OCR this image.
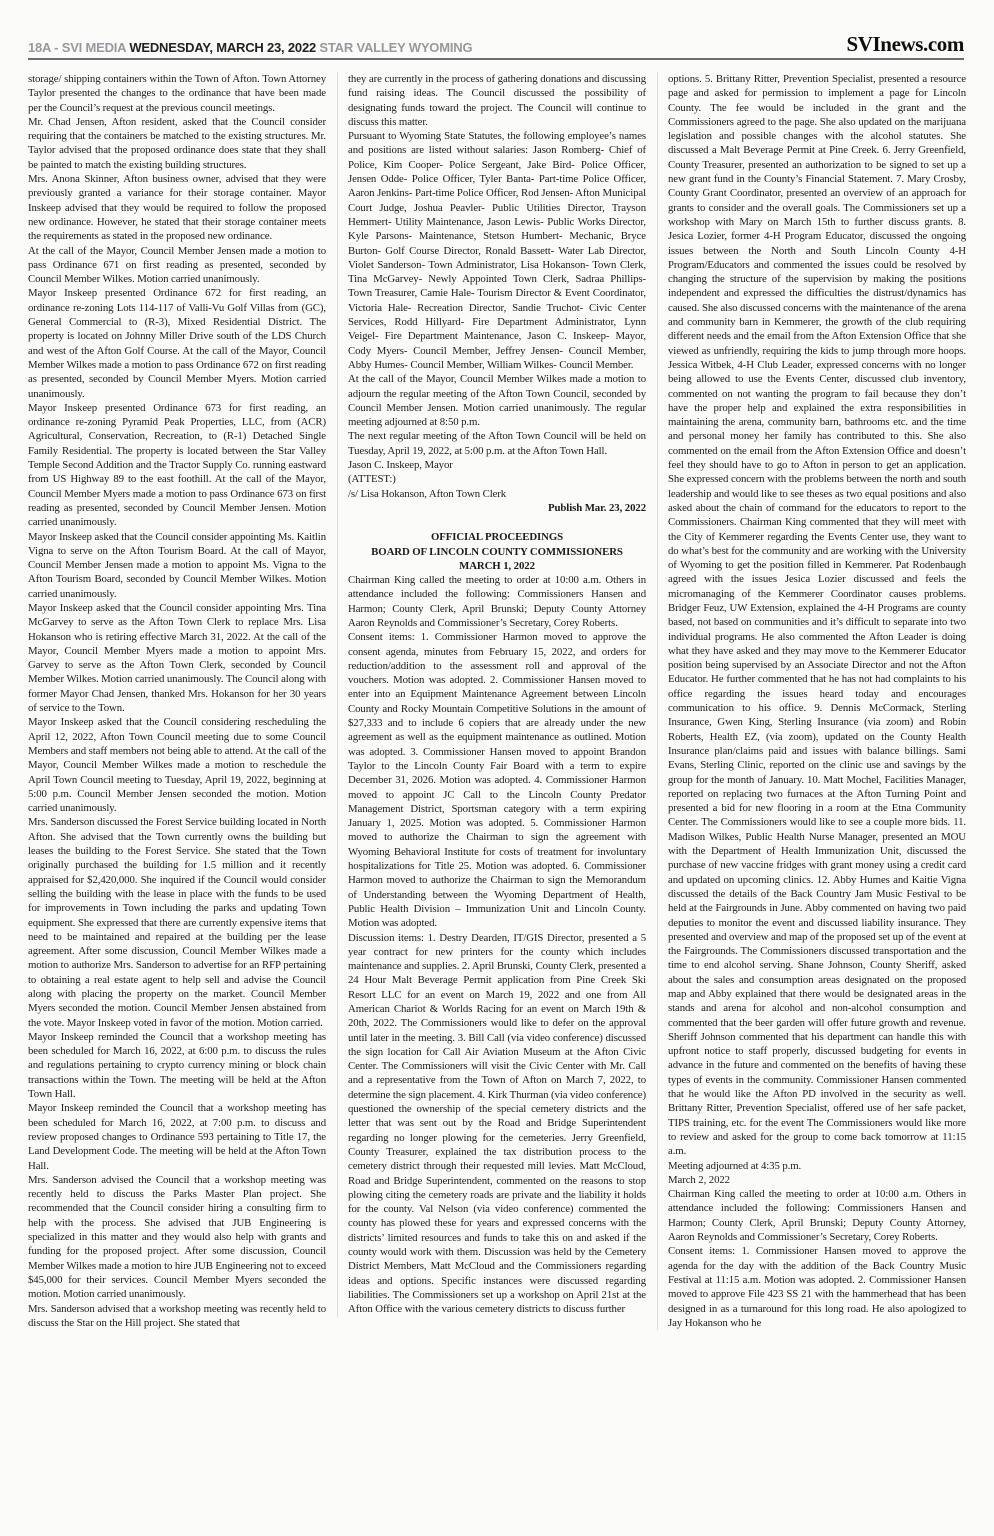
18A - SVI MEDIA WEDNESDAY, MARCH 23, 2022 STAR VALLEY WYOMING	SVInews.com

storage/ shipping containers within the Town of Afton. Town Attorney Taylor presented the changes to the ordinance that have been made per the Council’s request at the previous council meetings.

Mr. Chad Jensen, Afton resident, asked that the Council consider requiring that the containers be matched to the existing structures. Mr. Taylor advised that the proposed ordinance does state that they shall be painted to match the existing building structures.

Mrs. Anona Skinner, Afton business owner, advised that they were previously granted a variance for their storage container. Mayor Inskeep advised that they would be required to follow the proposed new ordinance. However, he stated that their storage container meets the requirements as stated in the proposed new ordinance.

At the call of the Mayor, Council Member Jensen made a motion to pass Ordinance 671 on first reading as presented, seconded by Council Member Wilkes. Motion carried unanimously.

Mayor Inskeep presented Ordinance 672 for first reading, an ordinance re-zoning Lots 114-117 of Valli-Vu Golf Villas from (GC), General Commercial to (R-3), Mixed Residential District. The property is located on Johnny Miller Drive south of the LDS Church and west of the Afton Golf Course. At the call of the Mayor, Council Member Wilkes made a motion to pass Ordinance 672 on first reading as presented, seconded by Council Member Myers. Motion carried unanimously.

Mayor Inskeep presented Ordinance 673 for first reading, an ordinance re-zoning Pyramid Peak Properties, LLC, from (ACR) Agricultural, Conservation, Recreation, to (R-1) Detached Single Family Residential. The property is located between the Star Valley Temple Second Addition and the Tractor Supply Co. running eastward from US Highway 89 to the east foothill. At the call of the Mayor, Council Member Myers made a motion to pass Ordinance 673 on first reading as presented, seconded by Council Member Jensen. Motion carried unanimously.

Mayor Inskeep asked that the Council consider appointing Ms. Kaitlin Vigna to serve on the Afton Tourism Board. At the call of Mayor, Council Member Jensen made a motion to appoint Ms. Vigna to the Afton Tourism Board, seconded by Council Member Wilkes. Motion carried unanimously.

Mayor Inskeep asked that the Council consider appointing Mrs. Tina McGarvey to serve as the Afton Town Clerk to replace Mrs. Lisa Hokanson who is retiring effective March 31, 2022. At the call of the Mayor, Council Member Myers made a motion to appoint Mrs. Garvey to serve as the Afton Town Clerk, seconded by Council Member Wilkes. Motion carried unanimously. The Council along with former Mayor Chad Jensen, thanked Mrs. Hokanson for her 30 years of service to the Town.

Mayor Inskeep asked that the Council considering rescheduling the April 12, 2022, Afton Town Council meeting due to some Council Members and staff members not being able to attend. At the call of the Mayor, Council Member Wilkes made a motion to reschedule the April Town Council meeting to Tuesday, April 19, 2022, beginning at 5:00 p.m. Council Member Jensen seconded the motion. Motion carried unanimously.

Mrs. Sanderson discussed the Forest Service building located in North Afton. She advised that the Town currently owns the building but leases the building to the Forest Service. She stated that the Town originally purchased the building for 1.5 million and it recently appraised for $2,420,000. She inquired if the Council would consider selling the building with the lease in place with the funds to be used for improvements in Town including the parks and updating Town equipment. She expressed that there are currently expensive items that need to be maintained and repaired at the building per the lease agreement. After some discussion, Council Member Wilkes made a motion to authorize Mrs. Sanderson to advertise for an RFP pertaining to obtaining a real estate agent to help sell and advise the Council along with placing the property on the market. Council Member Myers seconded the motion. Council Member Jensen abstained from the vote. Mayor Inskeep voted in favor of the motion. Motion carried.

Mayor Inskeep reminded the Council that a workshop meeting has been scheduled for March 16, 2022, at 6:00 p.m. to discuss the rules and regulations pertaining to crypto currency mining or block chain transactions within the Town. The meeting will be held at the Afton Town Hall.

Mayor Inskeep reminded the Council that a workshop meeting has been scheduled for March 16, 2022, at 7:00 p.m. to discuss and review proposed changes to Ordinance 593 pertaining to Title 17, the Land Development Code. The meeting will be held at the Afton Town Hall.

Mrs. Sanderson advised the Council that a workshop meeting was recently held to discuss the Parks Master Plan project. She recommended that the Council consider hiring a consulting firm to help with the process. She advised that JUB Engineering is specialized in this matter and they would also help with grants and funding for the proposed project. After some discussion, Council Member Wilkes made a motion to hire JUB Engineering not to exceed $45,000 for their services. Council Member Myers seconded the motion. Motion carried unanimously.

Mrs. Sanderson advised that a workshop meeting was recently held to discuss the Star on the Hill project. She stated that

they are currently in the process of gathering donations and discussing fund raising ideas. The Council discussed the possibility of designating funds toward the project. The Council will continue to discuss this matter.

Pursuant to Wyoming State Statutes, the following employee’s names and positions are listed without salaries: Jason Romberg- Chief of Police, Kim Cooper- Police Sergeant, Jake Bird- Police Officer, Jensen Odde- Police Officer, Tyler Banta- Part-time Police Officer, Aaron Jenkins- Part-time Police Officer, Rod Jensen- Afton Municipal Court Judge, Joshua Peavler- Public Utilities Director, Trayson Hemmert- Utility Maintenance, Jason Lewis- Public Works Director, Kyle Parsons- Maintenance, Stetson Humbert- Mechanic, Bryce Burton- Golf Course Director, Ronald Bassett- Water Lab Director, Violet Sanderson- Town Administrator, Lisa Hokanson- Town Clerk, Tina McGarvey- Newly Appointed Town Clerk, Sadraa Phillips- Town Treasurer, Camie Hale- Tourism Director & Event Coordinator, Victoria Hale- Recreation Director, Sandie Truchot- Civic Center Services, Rodd Hillyard- Fire Department Administrator, Lynn Veigel- Fire Department Maintenance, Jason C. Inskeep- Mayor, Cody Myers- Council Member, Jeffrey Jensen- Council Member, Abby Humes- Council Member, William Wilkes- Council Member.

At the call of the Mayor, Council Member Wilkes made a motion to adjourn the regular meeting of the Afton Town Council, seconded by Council Member Jensen. Motion carried unanimously. The regular meeting adjourned at 8:50 p.m.

The next regular meeting of the Afton Town Council will be held on Tuesday, April 19, 2022, at 5:00 p.m. at the Afton Town Hall.

Jason C. Inskeep, Mayor

(ATTEST:)

/s/ Lisa Hokanson, Afton Town Clerk

Publish Mar. 23, 2022

OFFICIAL PROCEEDINGS

BOARD OF LINCOLN COUNTY COMMISSIONERS

MARCH 1, 2022

Chairman King called the meeting to order at 10:00 a.m. Others in attendance included the following: Commissioners Hansen and Harmon; County Clerk, April Brunski; Deputy County Attorney Aaron Reynolds and Commissioner’s Secretary, Corey Roberts.

Consent items: 1. Commissioner Harmon moved to approve the consent agenda, minutes from February 15, 2022, and orders for reduction/addition to the assessment roll and approval of the vouchers. Motion was adopted. 2. Commissioner Hansen moved to enter into an Equipment Maintenance Agreement between Lincoln County and Rocky Mountain Competitive Solutions in the amount of $27,333 and to include 6 copiers that are already under the new agreement as well as the equipment maintenance as outlined. Motion was adopted. 3. Commissioner Hansen moved to appoint Brandon Taylor to the Lincoln County Fair Board with a term to expire December 31, 2026. Motion was adopted. 4. Commissioner Harmon moved to appoint JC Call to the Lincoln County Predator Management District, Sportsman category with a term expiring January 1, 2025. Motion was adopted. 5. Commissioner Harmon moved to authorize the Chairman to sign the agreement with Wyoming Behavioral Institute for costs of treatment for involuntary hospitalizations for Title 25. Motion was adopted. 6. Commissioner Harmon moved to authorize the Chairman to sign the Memorandum of Understanding between the Wyoming Department of Health, Public Health Division – Immunization Unit and Lincoln County. Motion was adopted.

Discussion items: 1. Destry Dearden, IT/GIS Director, presented a 5 year contract for new printers for the county which includes maintenance and supplies. 2. April Brunski, County Clerk, presented a 24 Hour Malt Beverage Permit application from Pine Creek Ski Resort LLC for an event on March 19, 2022 and one from All American Chariot & Worlds Racing for an event on March 19th & 20th, 2022. The Commissioners would like to defer on the approval until later in the meeting. 3. Bill Call (via video conference) discussed the sign location for Call Air Aviation Museum at the Afton Civic Center. The Commissioners will visit the Civic Center with Mr. Call and a representative from the Town of Afton on March 7, 2022, to determine the sign placement. 4. Kirk Thurman (via video conference) questioned the ownership of the special cemetery districts and the letter that was sent out by the Road and Bridge Superintendent regarding no longer plowing for the cemeteries. Jerry Greenfield, County Treasurer, explained the tax distribution process to the cemetery district through their requested mill levies. Matt McCloud, Road and Bridge Superintendent, commented on the reasons to stop plowing citing the cemetery roads are private and the liability it holds for the county. Val Nelson (via video conference) commented the county has plowed these for years and expressed concerns with the districts’ limited resources and funds to take this on and asked if the county would work with them. Discussion was held by the Cemetery District Members, Matt McCloud and the Commissioners regarding ideas and options. Specific instances were discussed regarding liabilities. The Commissioners set up a workshop on April 21st at the Afton Office with the various cemetery districts to discuss further

options. 5. Brittany Ritter, Prevention Specialist, presented a resource page and asked for permission to implement a page for Lincoln County. The fee would be included in the grant and the Commissioners agreed to the page. She also updated on the marijuana legislation and possible changes with the alcohol statutes. She discussed a Malt Beverage Permit at Pine Creek. 6. Jerry Greenfield, County Treasurer, presented an authorization to be signed to set up a new grant fund in the County’s Financial Statement. 7. Mary Crosby, County Grant Coordinator, presented an overview of an approach for grants to consider and the overall goals. The Commissioners set up a workshop with Mary on March 15th to further discuss grants. 8. Jesica Lozier, former 4-H Program Educator, discussed the ongoing issues between the North and South Lincoln County 4-H Program/Educators and commented the issues could be resolved by changing the structure of the supervision by making the positions independent and expressed the difficulties the distrust/dynamics has caused. She also discussed concerns with the maintenance of the arena and community barn in Kemmerer, the growth of the club requiring different needs and the email from the Afton Extension Office that she viewed as unfriendly, requiring the kids to jump through more hoops. Jessica Witbek, 4-H Club Leader, expressed concerns with no longer being allowed to use the Events Center, discussed club inventory, commented on not wanting the program to fail because they don’t have the proper help and explained the extra responsibilities in maintaining the arena, community barn, bathrooms etc. and the time and personal money her family has contributed to this. She also commented on the email from the Afton Extension Office and doesn’t feel they should have to go to Afton in person to get an application. She expressed concern with the problems between the north and south leadership and would like to see theses as two equal positions and also asked about the chain of command for the educators to report to the Commissioners. Chairman King commented that they will meet with the City of Kemmerer regarding the Events Center use, they want to do what’s best for the community and are working with the University of Wyoming to get the position filled in Kemmerer. Pat Rodenbaugh agreed with the issues Jesica Lozier discussed and feels the micromanaging of the Kemmerer Coordinator causes problems. Bridger Feuz, UW Extension, explained the 4-H Programs are county based, not based on communities and it’s difficult to separate into two individual programs. He also commented the Afton Leader is doing what they have asked and they may move to the Kemmerer Educator position being supervised by an Associate Director and not the Afton Educator. He further commented that he has not had complaints to his office regarding the issues heard today and encourages communication to his office. 9. Dennis McCormack, Sterling Insurance, Gwen King, Sterling Insurance (via zoom) and Robin Roberts, Health EZ, (via zoom), updated on the County Health Insurance plan/claims paid and issues with balance billings. Sami Evans, Sterling Clinic, reported on the clinic use and savings by the group for the month of January. 10. Matt Mochel, Facilities Manager, reported on replacing two furnaces at the Afton Turning Point and presented a bid for new flooring in a room at the Etna Community Center. The Commissioners would like to see a couple more bids. 11. Madison Wilkes, Public Health Nurse Manager, presented an MOU with the Department of Health Immunization Unit, discussed the purchase of new vaccine fridges with grant money using a credit card and updated on upcoming clinics. 12. Abby Humes and Kaitie Vigna discussed the details of the Back Country Jam Music Festival to be held at the Fairgrounds in June. Abby commented on having two paid deputies to monitor the event and discussed liability insurance. They presented and overview and map of the proposed set up of the event at the Fairgrounds. The Commissioners discussed transportation and the time to end alcohol serving. Shane Johnson, County Sheriff, asked about the sales and consumption areas designated on the proposed map and Abby explained that there would be designated areas in the stands and arena for alcohol and non-alcohol consumption and commented that the beer garden will offer future growth and revenue. Sheriff Johnson commented that his department can handle this with upfront notice to staff properly, discussed budgeting for events in advance in the future and commented on the benefits of having these types of events in the community. Commissioner Hansen commented that he would like the Afton PD involved in the security as well. Brittany Ritter, Prevention Specialist, offered use of her safe packet, TIPS training, etc. for the event The Commissioners would like more to review and asked for the group to come back tomorrow at 11:15 a.m.

Meeting adjourned at 4:35 p.m.

March 2, 2022

Chairman King called the meeting to order at 10:00 a.m. Others in attendance included the following: Commissioners Hansen and Harmon; County Clerk, April Brunski; Deputy County Attorney, Aaron Reynolds and Commissioner’s Secretary, Corey Roberts.

Consent items: 1. Commissioner Hansen moved to approve the agenda for the day with the addition of the Back Country Music Festival at 11:15 a.m. Motion was adopted. 2. Commissioner Hansen moved to approve File 423 SS 21 with the hammerhead that has been designed in as a turnaround for this long road. He also apologized to Jay Hokanson who he
